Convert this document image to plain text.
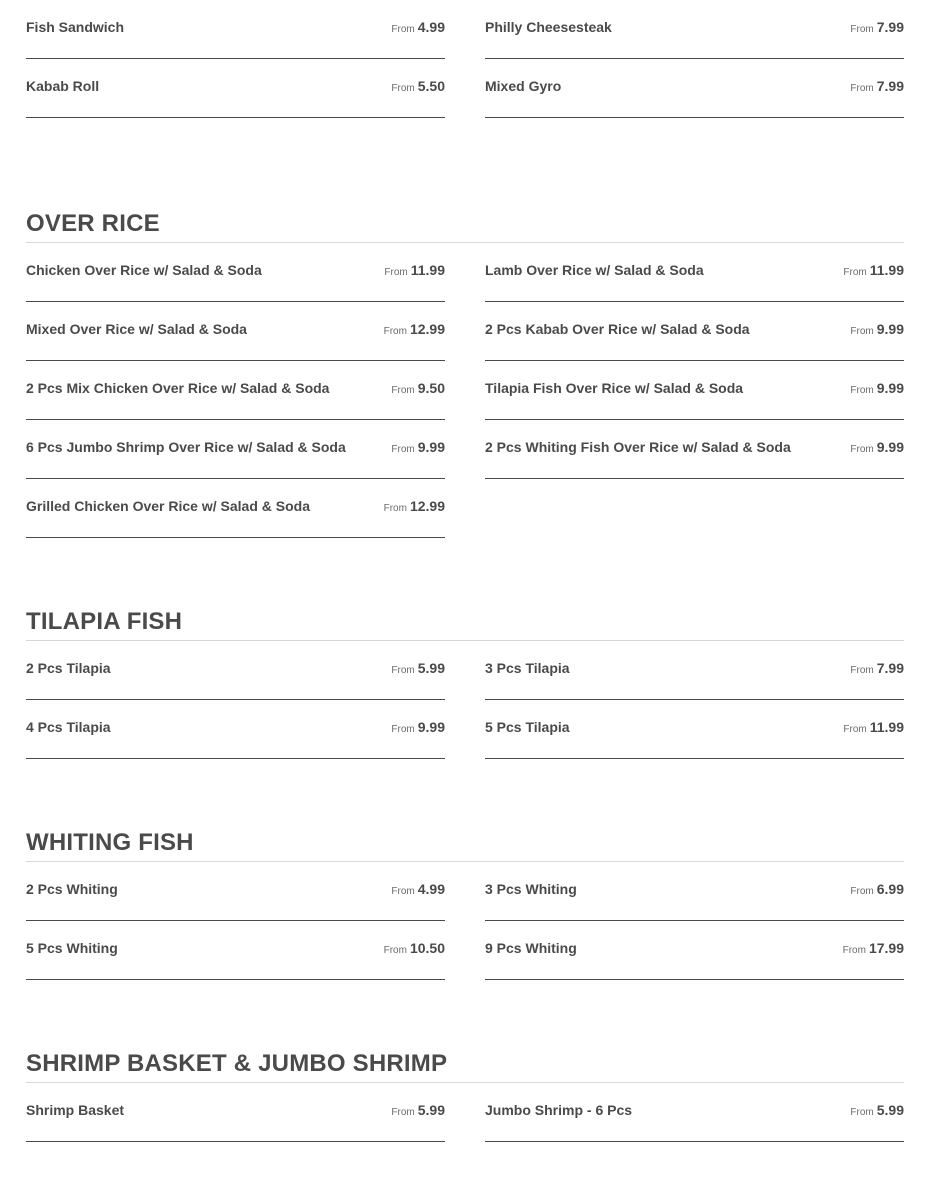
Fish Sandwich	From 4.99	Philly Cheesesteak	From 7.99
Kabab Roll	From 5.50	Mixed Gyro	From 7.99
OVER RICE
Chicken Over Rice w/ Salad & Soda	From 11.99	Lamb Over Rice w/ Salad & Soda	From 11.99
Mixed Over Rice w/ Salad & Soda	From 12.99	2 Pcs Kabab Over Rice w/ Salad & Soda	From 9.99
2 Pcs Mix Chicken Over Rice w/ Salad & Soda	From 9.50	Tilapia Fish Over Rice w/ Salad & Soda	From 9.99
6 Pcs Jumbo Shrimp Over Rice w/ Salad & Soda	From 9.99	2 Pcs Whiting Fish Over Rice w/ Salad & Soda	From 9.99
Grilled Chicken Over Rice w/ Salad & Soda	From 12.99
TILAPIA FISH
2 Pcs Tilapia	From 5.99	3 Pcs Tilapia	From 7.99
4 Pcs Tilapia	From 9.99	5 Pcs Tilapia	From 11.99
WHITING FISH
2 Pcs Whiting	From 4.99	3 Pcs Whiting	From 6.99
5 Pcs Whiting	From 10.50	9 Pcs Whiting	From 17.99
SHRIMP BASKET & JUMBO SHRIMP
Shrimp Basket	From 5.99	Jumbo Shrimp - 6 Pcs	From 5.99
